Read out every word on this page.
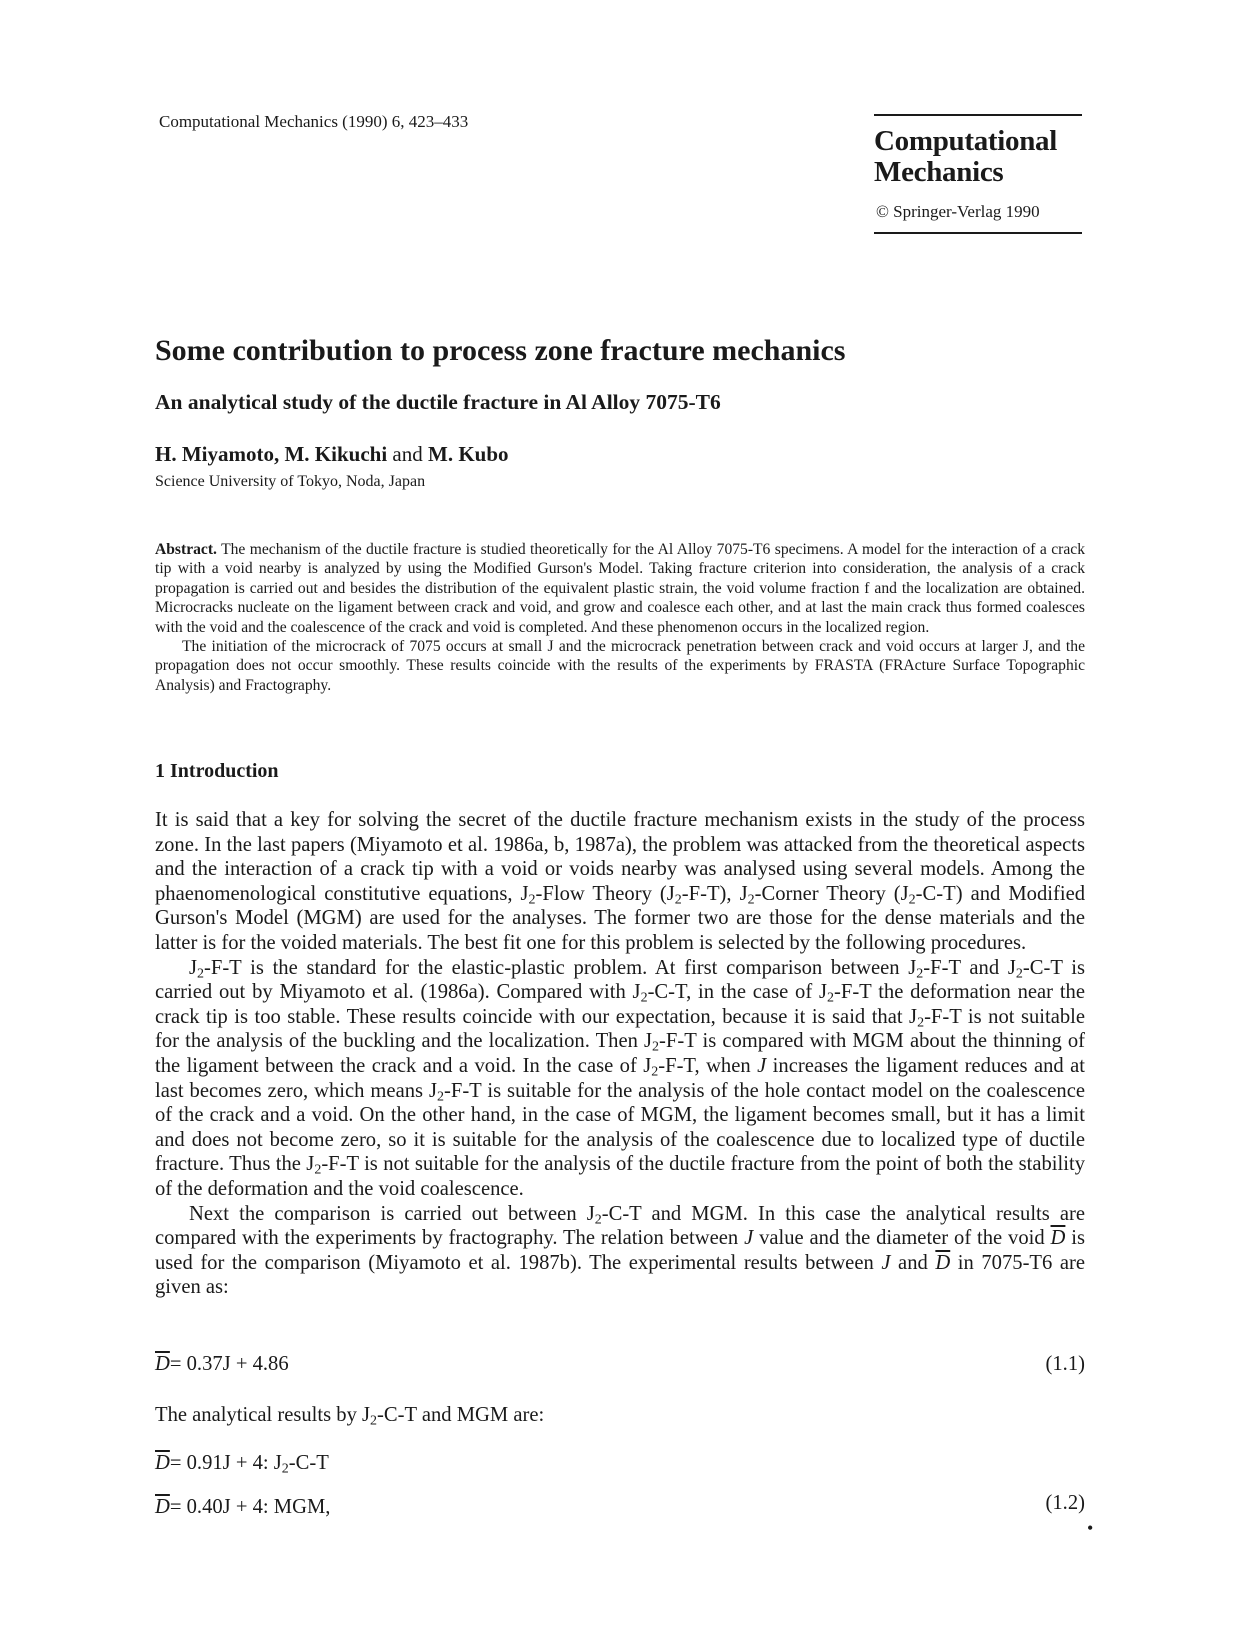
Computational Mechanics (1990) 6, 423–433
Computational
Mechanics
© Springer-Verlag 1990
Some contribution to process zone fracture mechanics
An analytical study of the ductile fracture in Al Alloy 7075-T6
H. Miyamoto, M. Kikuchi and M. Kubo
Science University of Tokyo, Noda, Japan

Abstract. The mechanism of the ductile fracture is studied theoretically for the Al Alloy 7075-T6 specimens. A model for the interaction of a crack tip with a void nearby is analyzed by using the Modified Gurson's Model. Taking fracture criterion into consideration, the analysis of a crack propagation is carried out and besides the distribution of the equivalent plastic strain, the void volume fraction f and the localization are obtained. Microcracks nucleate on the ligament between crack and void, and grow and coalesce each other, and at last the main crack thus formed coalesces with the void and the coalescence of the crack and void is completed. And these phenomenon occurs in the localized region.

The initiation of the microcrack of 7075 occurs at small J and the microcrack penetration between crack and void occurs at larger J, and the propagation does not occur smoothly. These results coincide with the results of the experiments by FRASTA (FRActure Surface Topographic Analysis) and Fractography.

1 Introduction

It is said that a key for solving the secret of the ductile fracture mechanism exists in the study of the process zone. In the last papers (Miyamoto et al. 1986a, b, 1987a), the problem was attacked from the theoretical aspects and the interaction of a crack tip with a void or voids nearby was analysed using several models. Among the phaenomenological constitutive equations, $J_2$-Flow Theory $(J_2-F-T)$, $J_2$-Corner Theory $(J_2-C-T)$ and Modified Gurson's Model (MGM) are used for the analyses. The former two are those for the dense materials and the latter is for the voided materials. The best fit one for this problem is selected by the following procedures.

$J_2-F-T$ is the standard for the elastic-plastic problem. At first comparison between $J_2-F-T$ and $J_2-C-T$ is carried out by Miyamoto et al. (1986a). Compared with $J_2-C-T$, in the case of $J_2-F-T$ the deformation near the crack tip is too stable. These results coincide with our expectation, because it is said that $J_2-F-T$ is not suitable for the analysis of the buckling and the localization. Then $J_2-F-T$ is compared with MGM about the thinning of the ligament between the crack and a void. In the case of $J_2-F-T$, when J increases the ligament reduces and at last becomes zero, which means $J_2-F-T$ is suitable for the analysis of the hole contact model on the coalescence of the crack and a void. On the other hand, in the case of MGM, the ligament becomes small, but it has a limit and does not become zero, so it is suitable for the analysis of the coalescence due to localized type of ductile fracture. Thus the $J_2-F-T$ is not suitable for the analysis of the ductile fracture from the point of both the stability of the deformation and the void coalescence.

Next the comparison is carried out between $J_2-C-T$ and MGM. In this case the analytical results are compared with the experiments by fractography. The relation between J value and the diameter of the void $\overline{D}$ is used for the comparison (Miyamoto et al. 1987b). The experimental results between J and $\overline{D}$ in 7075-T6 are given as:

$\overline{D}= 0.37J + 4.86$	(1.1)
The analytical results by $J_2-C-T$ and MGM are:
$\overline{D}= 0.91J + 4$: $J_2-C-T$
$\overline{D}= 0.40J + 4$: MGM,	(1.2)
•
